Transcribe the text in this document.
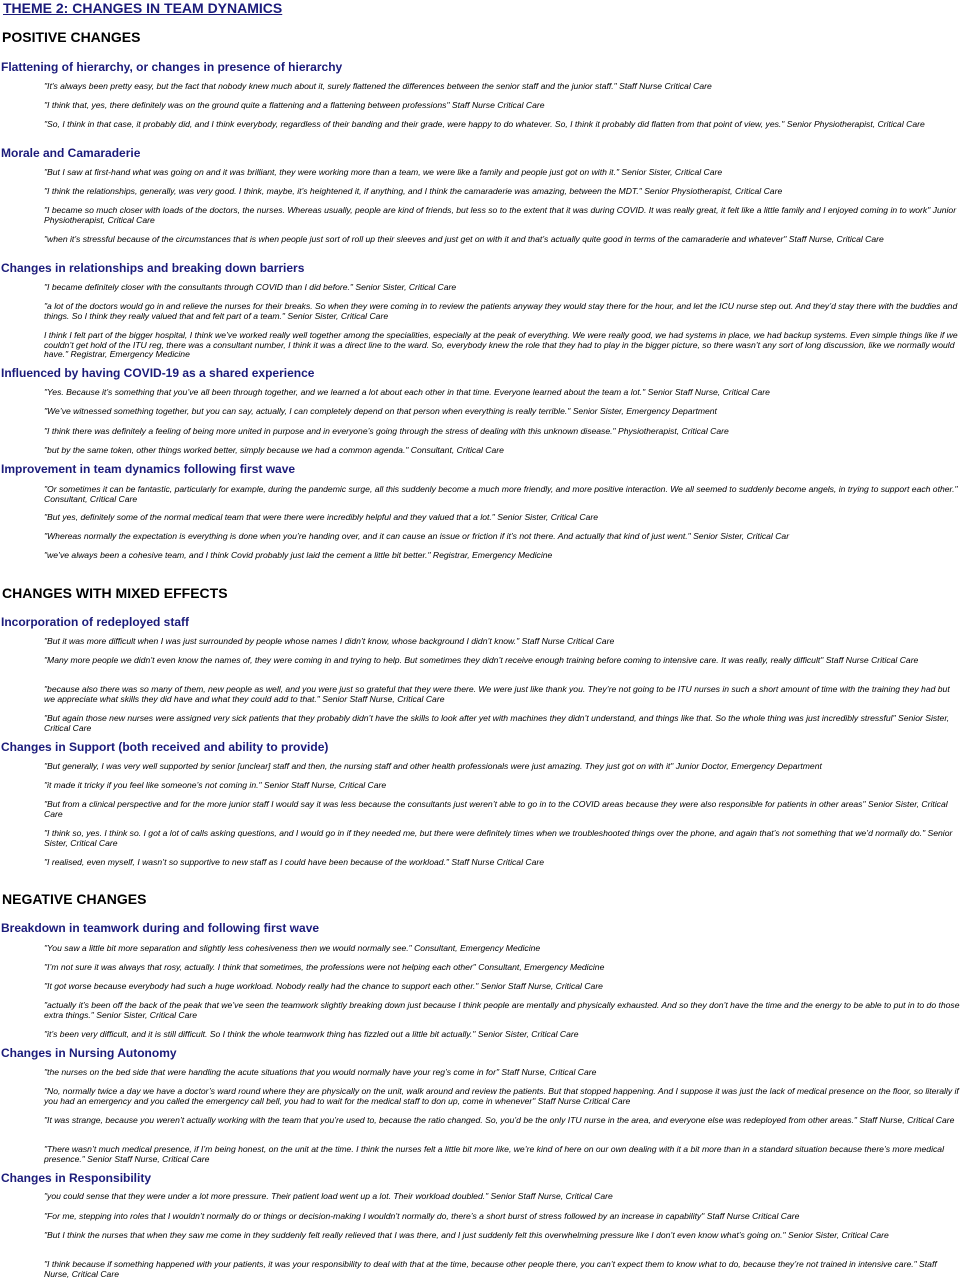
THEME 2: CHANGES IN TEAM DYNAMICS
POSITIVE CHANGES
Flattening of hierarchy, or changes in presence of hierarchy
"It's always been pretty easy, but the fact that nobody knew much about it, surely flattened the differences between the senior staff and the junior staff." Staff Nurse Critical Care
"I think that, yes, there definitely was on the ground quite a flattening and a flattening between professions" Staff Nurse Critical Care
"So, I think in that case, it probably did, and I think everybody, regardless of their banding and their grade, were happy to do whatever. So, I think it probably did flatten from that point of view, yes." Senior Physiotherapist, Critical Care
Morale and Camaraderie
"But I saw at first-hand what was going on and it was brilliant, they were working more than a team, we were like a family and people just got on with it." Senior Sister, Critical Care
"I think the relationships, generally, was very good. I think, maybe, it’s heightened it, if anything, and I think the camaraderie was amazing, between the MDT." Senior Physiotherapist, Critical Care
"I became so much closer with loads of the doctors, the nurses. Whereas usually, people are kind of friends, but less so to the extent that it was during COVID. It was really great, it felt like a little family and I enjoyed coming in to work" Junior Physiotherapist, Critical Care
"when it’s stressful because of the circumstances that is when people just sort of roll up their sleeves and just get on with it and that’s actually quite good in terms of the camaraderie and whatever" Staff Nurse, Critical Care
Changes in relationships and breaking down barriers
"I became definitely closer with the consultants through COVID than I did before." Senior Sister, Critical Care
"a lot of the doctors would go in and relieve the nurses for their breaks. So when they were coming in to review the patients anyway they would stay there for the hour, and let the ICU nurse step out. And they’d stay there with the buddies and things. So I think they really valued that and felt part of a team." Senior Sister, Critical Care
I think I felt part of the bigger hospital, I think we’ve worked really well together among the specialities, especially at the peak of everything. We were really good, we had systems in place, we had backup systems. Even simple things like if we couldn’t get hold of the ITU reg, there was a consultant number, I think it was a direct line to the ward. So, everybody knew the role that they had to play in the bigger picture, so there wasn’t any sort of long discussion, like we normally would have." Registrar, Emergency Medicine
Influenced by having COVID-19 as a shared experience
"Yes. Because it’s something that you’ve all been through together, and we learned a lot about each other in that time. Everyone learned about the team a lot." Senior Staff Nurse, Critical Care
"We’ve witnessed something together, but you can say, actually, I can completely depend on that person when everything is really terrible." Senior Sister, Emergency Department
"I think there was definitely a feeling of being more united in purpose and in everyone’s going through the stress of dealing with this unknown disease." Physiotherapist, Critical Care
"but by the same token, other things worked better, simply because we had a common agenda." Consultant, Critical Care
Improvement in team dynamics following first wave
"Or sometimes it can be fantastic, particularly for example, during the pandemic surge, all this suddenly become a much more friendly, and more positive interaction. We all seemed to suddenly become angels, in trying to support each other." Consultant, Critical Care
"But yes, definitely some of the normal medical team that were there were incredibly helpful and they valued that a lot." Senior Sister, Critical Care
"Whereas normally the expectation is everything is done when you’re handing over, and it can cause an issue or friction if it’s not there. And actually that kind of just went." Senior Sister, Critical Car
"we’ve always been a cohesive team, and I think Covid probably just laid the cement a little bit better." Registrar, Emergency Medicine
CHANGES WITH MIXED EFFECTS
Incorporation of redeployed staff
"But it was more difficult when I was just surrounded by people whose names I didn’t know, whose background I didn’t know." Staff Nurse Critical Care
"Many more people we didn’t even know the names of, they were coming in and trying to help. But sometimes they didn’t receive enough training before coming to intensive care. It was really, really difficult" Staff Nurse Critical Care
"because also there was so many of them, new people as well, and you were just so grateful that they were there. We were just like thank you. They’re not going to be ITU nurses in such a short amount of time with the training they had but we appreciate what skills they did have and what they could add to that." Senior Staff Nurse, Critical Care
"But again those new nurses were assigned very sick patients that they probably didn’t have the skills to look after yet with machines they didn’t understand, and things like that. So the whole thing was just incredibly stressful" Senior Sister, Critical Care
Changes in Support (both received and ability to provide)
"But generally, I was very well supported by senior [unclear] staff and then, the nursing staff and other health professionals were just amazing. They just got on with it" Junior Doctor, Emergency Department
"it made it tricky if you feel like someone’s not coming in." Senior Staff Nurse, Critical Care
"But from a clinical perspective and for the more junior staff I would say it was less because the consultants just weren’t able to go in to the COVID areas because they were also responsible for patients in other areas" Senior Sister, Critical Care
"I think so, yes. I think so. I got a lot of calls asking questions, and I would go in if they needed me, but there were definitely times when we troubleshooted things over the phone, and again that’s not something that we’d normally do." Senior Sister, Critical Care
"I realised, even myself, I wasn’t so supportive to new staff as I could have been because of the workload." Staff Nurse Critical Care
NEGATIVE CHANGES
Breakdown in teamwork during and following first wave
"You saw a little bit more separation and slightly less cohesiveness then we would normally see." Consultant, Emergency Medicine
"I’m not sure it was always that rosy, actually. I think that sometimes, the professions were not helping each other" Consultant, Emergency Medicine
"It got worse because everybody had such a huge workload. Nobody really had the chance to support each other." Senior Staff Nurse, Critical Care
"actually it’s been off the back of the peak that we’ve seen the teamwork slightly breaking down just because I think people are mentally and physically exhausted. And so they don’t have the time and the energy to be able to put in to do those extra things." Senior Sister, Critical Care
"it’s been very difficult, and it is still difficult. So I think the whole teamwork thing has fizzled out a little bit actually." Senior Sister, Critical Care
Changes in Nursing Autonomy
"the nurses on the bed side that were handling the acute situations that you would normally have your reg’s come in for" Staff Nurse, Critical Care
"No, normally twice a day we have a doctor’s ward round where they are physically on the unit, walk around and review the patients. But that stopped happening. And I suppose it was just the lack of medical presence on the floor, so literally if you had an emergency and you called the emergency call bell, you had to wait for the medical staff to don up, come in whenever" Staff Nurse Critical Care
"It was strange, because you weren’t actually working with the team that you’re used to, because the ratio changed. So, you’d be the only ITU nurse in the area, and everyone else was redeployed from other areas." Staff Nurse, Critical Care
"There wasn’t much medical presence, if I’m being honest, on the unit at the time. I think the nurses felt a little bit more like, we’re kind of here on our own dealing with it a bit more than in a standard situation because there’s more medical presence." Senior Staff Nurse, Critical Care
Changes in Responsibility
"you could sense that they were under a lot more pressure. Their patient load went up a lot. Their workload doubled." Senior Staff Nurse, Critical Care
"For me, stepping into roles that I wouldn’t normally do or things or decision-making I wouldn’t normally do, there’s a short burst of stress followed by an increase in capability" Staff Nurse Critical Care
"But I think the nurses that when they saw me come in they suddenly felt really relieved that I was there, and I just suddenly felt this overwhelming pressure like I don’t even know what’s going on." Senior Sister, Critical Care
"I think because if something happened with your patients, it was your responsibility to deal with that at the time, because other people there, you can’t expect them to know what to do, because they’re not trained in intensive care." Staff Nurse, Critical Care
